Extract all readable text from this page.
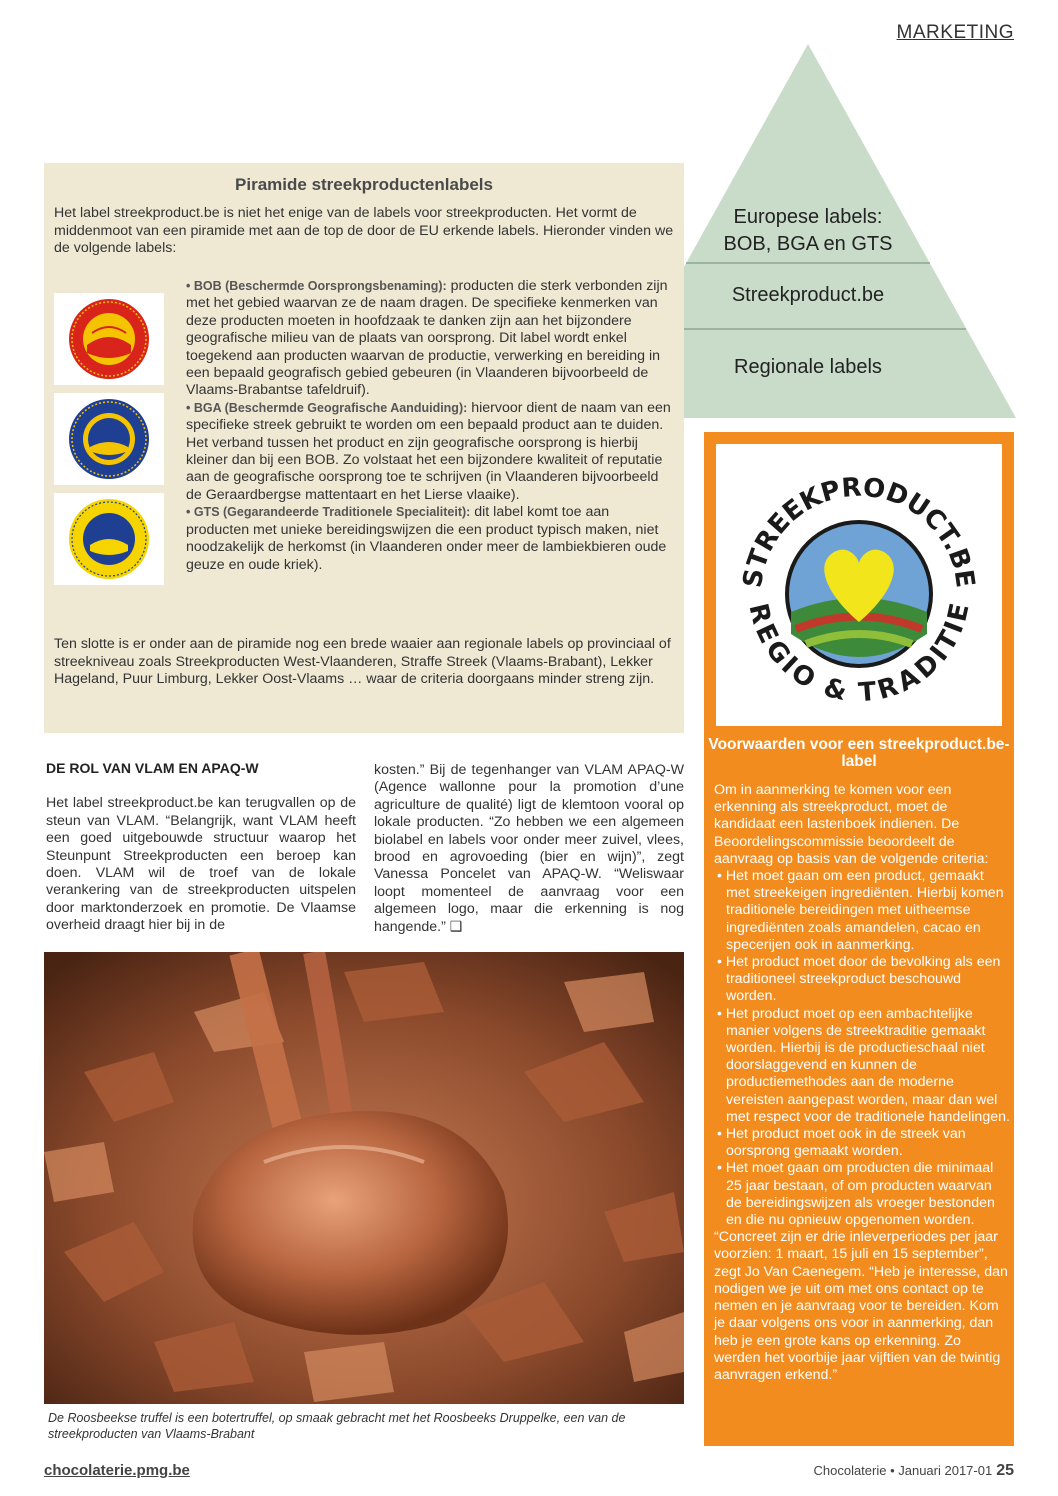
MARKETING
Europese labels:
BOB, BGA en GTS
Streekproduct.be
Regionale labels
Piramide streekproductenlabels
Het label streekproduct.be is niet het enige van de labels voor streekproducten. Het vormt de middenmoot van een piramide met aan de top de door de EU erkende labels. Hieronder vinden we de volgende labels:

• BOB (Beschermde Oorsprongsbenaming): producten die sterk verbonden zijn met het gebied waarvan ze de naam dragen. De specifieke kenmerken van deze producten moeten in hoofdzaak te danken zijn aan het bijzondere geografische milieu van de plaats van oorsprong. Dit label wordt enkel toegekend aan producten waarvan de productie, verwerking en bereiding in een bepaald geografisch gebied gebeuren (in Vlaanderen bijvoorbeeld de Vlaams-Brabantse tafeldruif).

• BGA (Beschermde Geografische Aanduiding): hiervoor dient de naam van een specifieke streek gebruikt te worden om een bepaald product aan te duiden. Het verband tussen het product en zijn geografische oorsprong is hierbij kleiner dan bij een BOB. Zo volstaat het een bijzondere kwaliteit of reputatie aan de geografische oorsprong toe te schrijven (in Vlaanderen bijvoorbeeld de Geraardbergse mattentaart en het Lierse vlaaike).

• GTS (Gegarandeerde Traditionele Specialiteit): dit label komt toe aan producten met unieke bereidingswijzen die een product typisch maken, niet noodzakelijk de herkomst (in Vlaanderen onder meer de lambiekbieren oude geuze en oude kriek).

Ten slotte is er onder aan de piramide nog een brede waaier aan regionale labels op provinciaal of streekniveau zoals Streekproducten West-Vlaanderen, Straffe Streek (Vlaams-Brabant), Lekker Hageland, Puur Limburg, Lekker Oost-Vlaams … waar de criteria doorgaans minder streng zijn.
DE ROL VAN VLAM EN APAQ-W
Het label streekproduct.be kan terugvallen op de steun van VLAM. “Belangrijk, want VLAM heeft een goed uitgebouwde structuur waarop het Steunpunt Streekproducten een beroep kan doen. VLAM wil de troef van de lokale verankering van de streekproducten uitspelen door marktonderzoek en promotie. De Vlaamse overheid draagt hier bij in de
kosten.” Bij de tegenhanger van VLAM APAQ-W (Agence wallonne pour la promotion d’une agriculture de qualité) ligt de klemtoon vooral op lokale producten. “Zo hebben we een algemeen biolabel en labels voor onder meer zuivel, vlees, brood en agrovoeding (bier en wijn)”, zegt Vanessa Poncelet van APAQ-W. “Weliswaar loopt momenteel de aanvraag voor een algemeen logo, maar die erkenning is nog hangende.” ❑
De Roosbeekse truffel is een botertruffel, op smaak gebracht met het Roosbeeks Druppelke, een van de streekproducten van Vlaams-Brabant
STREEKPRODUCT.BE
REGIO & TRADITIE
Voorwaarden voor een streekproduct.be-label
Om in aanmerking te komen voor een erkenning als streekproduct, moet de kandidaat een lastenboek indienen. De Beoordelingscommissie beoordeelt de aanvraag op basis van de volgende criteria:
• Het moet gaan om een product, gemaakt met streekeigen ingrediënten. Hierbij komen traditionele bereidingen met uitheemse ingrediënten zoals amandelen, cacao en specerijen ook in aanmerking.
• Het product moet door de bevolking als een traditioneel streekproduct beschouwd worden.
• Het product moet op een ambachtelijke manier volgens de streektraditie gemaakt worden. Hierbij is de productieschaal niet doorslaggevend en kunnen de productiemethodes aan de moderne vereisten aangepast worden, maar dan wel met respect voor de traditionele handelingen.
• Het product moet ook in de streek van oorsprong gemaakt worden.
• Het moet gaan om producten die minimaal 25 jaar bestaan, of om producten waarvan de bereidingswijzen als vroeger bestonden en die nu opnieuw opgenomen worden.
“Concreet zijn er drie inleverperiodes per jaar voorzien: 1 maart, 15 juli en 15 september”, zegt Jo Van Caenegem. “Heb je interesse, dan nodigen we je uit om met ons contact op te nemen en je aanvraag voor te bereiden. Kom je daar volgens ons voor in aanmerking, dan heb je een grote kans op erkenning. Zo werden het voorbije jaar vijftien van de twintig aanvragen erkend.”
chocolaterie.pmg.be	Chocolaterie • Januari 2017-01 25
